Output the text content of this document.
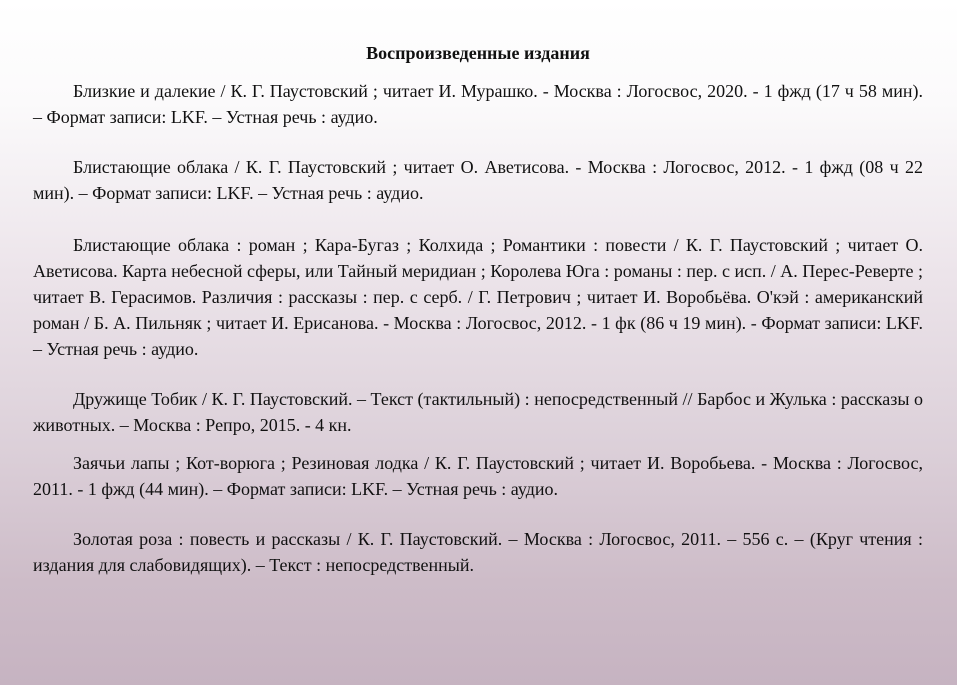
Воспроизведенные издания

Близкие и далекие / К. Г. Паустовский ; читает И. Мурашко. - Москва : Логосвос, 2020. - 1 фжд (17 ч 58 мин). – Формат записи: LKF. – Устная речь : аудио.

Блистающие облака / К. Г. Паустовский ; читает О. Аветисова. - Москва : Логосвос, 2012. - 1 фжд (08 ч 22 мин). – Формат записи: LKF. – Устная речь : аудио.

Блистающие облака : роман ; Кара-Бугаз ; Колхида ; Романтики : повести / К. Г. Паустовский ; читает О. Аветисова. Карта небесной сферы, или Тайный меридиан ; Королева Юга : романы : пер. с исп. / А. Перес-Реверте ; читает В. Герасимов. Различия : рассказы : пер. с серб. / Г. Петрович ; читает И. Воробьёва. О'кэй : американский роман / Б. А. Пильняк ; читает И. Ерисанова. - Москва : Логосвос, 2012. - 1 фк (86 ч 19 мин). - Формат записи: LKF. – Устная речь : аудио.

Дружище Тобик / К. Г. Паустовский. – Текст (тактильный) : непосредственный // Барбос и Жулька : рассказы о животных. – Москва : Репро, 2015. - 4 кн.

Заячьи лапы ; Кот-ворюга ; Резиновая лодка / К. Г. Паустовский ; читает И. Воробьева. - Москва : Логосвос, 2011. - 1 фжд (44 мин). – Формат записи: LKF. – Устная речь : аудио.

Золотая роза : повесть и рассказы / К. Г. Паустовский. – Москва : Логосвос, 2011. – 556 с. – (Круг чтения : издания для слабовидящих). – Текст : непосредственный.
